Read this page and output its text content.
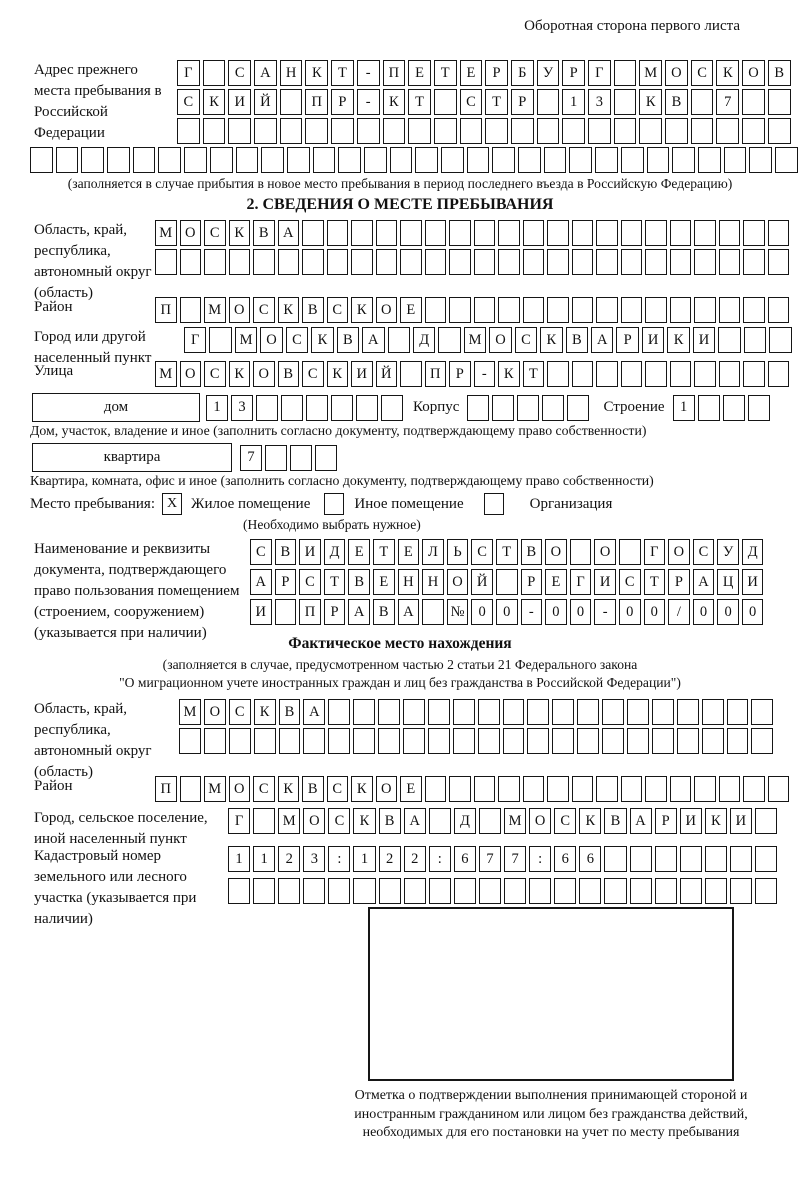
Оборотная сторона первого листа
Адрес прежнего места пребывания в Российской Федерации
Г	С	А	Н	К	Т	-	П	Е	Т	Е	Р	Б	У	Р	Г	М О	С	К	О	В
С	К	И	Й	П	Р	-	К	Т	С	Т	Р	1	3	К	В	7
(заполняется в случае прибытия в новое место пребывания в период последнего въезда в Российскую Федерацию)
2. СВЕДЕНИЯ О МЕСТЕ ПРЕБЫВАНИЯ
Область, край, республика, автономный округ (область)
М О С	К	В А
Район	П	М О С	К	В	С	К О	Е
Город или другой населенный пункт
Г	М О	С	К	В	А	Д	М О	С	К	В	А	Р	И	К	И
Улица	М О С	К О В	С	К И Й	П	Р	-	К	Т
дом	1	3	Корпус	Строение	1
Дом, участок, владение и иное (заполнить согласно документу, подтверждающему право собственности)
квартира	7
Квартира, комната, офис и иное (заполнить согласно документу, подтверждающему право собственности)
Место пребывания: X Жилое помещение	Иное помещение	Организация
(Необходимо выбрать нужное)
Наименование и реквизиты документа, подтверждающего право пользования помещением (строением, сооружением) (указывается при наличии)
С	В	И Д	Е	Т	Е	Л	Ь	С	Т	В	О	О	Г	О	С	У	Д
А	Р	С	Т	В	Е	Н Н О Й	Р	Е	Г	И	С	Т	Р	А Ц И
И	П	Р	А	В	А	№ 0	0	-	0	0	-	0	0	/	0	0	0
Фактическое место нахождения
(заполняется в случае, предусмотренном частью 2 статьи 21 Федерального закона
"О миграционном учете иностранных граждан и лиц без гражданства в Российской Федерации")
Область, край, республика, автономный округ (область)
М О	С	К	В	А
Район	П	М О С	К	В	С	К О	Е
Город, сельское поселение, иной населенный пункт
Г	М О	С	К	В	А	Д	М О	С	К	В	А	Р	И	К	И
Кадастровый номер земельного или лесного участка (указывается при наличии)
1	1	2	3	:	1	2	2	:	6	7	7	:	6	6
Отметка о подтверждении выполнения принимающей стороной и иностранным гражданином или лицом без гражданства действий, необходимых для его постановки на учет по месту пребывания
